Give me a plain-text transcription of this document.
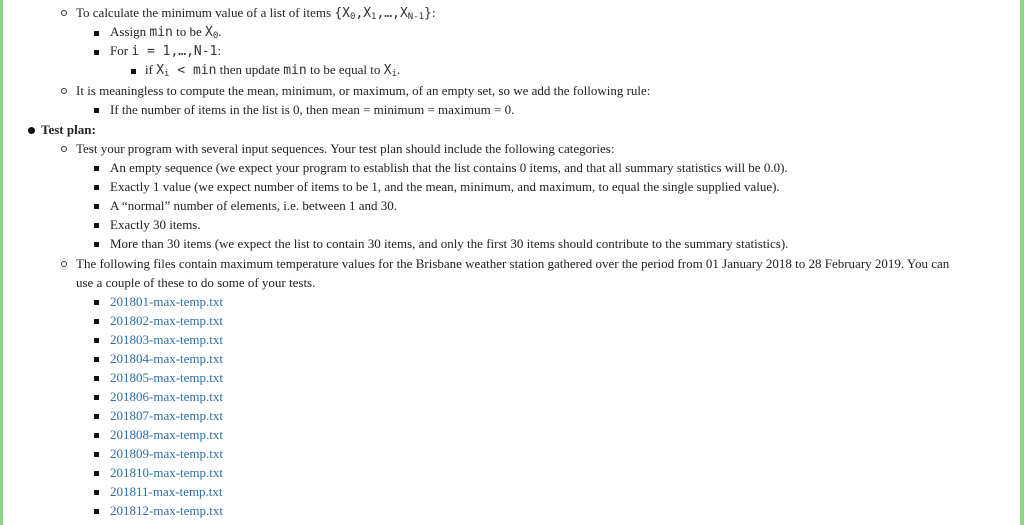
To calculate the minimum value of a list of items $\{X_0,X_1,\dots,X_{N-1}\}$:
Assign min to be $X_0$.
For i = 1,…,N-1:
if $X_i < \min$ then update min to be equal to $X_i$.
It is meaningless to compute the mean, minimum, or maximum, of an empty set, so we add the following rule:
If the number of items in the list is 0, then mean = minimum = maximum = 0.
Test plan:
Test your program with several input sequences. Your test plan should include the following categories:
An empty sequence (we expect your program to establish that the list contains 0 items, and that all summary statistics will be 0.0).
Exactly 1 value (we expect number of items to be 1, and the mean, minimum, and maximum, to equal the single supplied value).
A “normal” number of elements, i.e. between 1 and 30.
Exactly 30 items.
More than 30 items (we expect the list to contain 30 items, and only the first 30 items should contribute to the summary statistics).
The following files contain maximum temperature values for the Brisbane weather station gathered over the period from 01 January 2018 to 28 February 2019. You can
use a couple of these to do some of your tests.
201801-max-temp.txt
201802-max-temp.txt
201803-max-temp.txt
201804-max-temp.txt
201805-max-temp.txt
201806-max-temp.txt
201807-max-temp.txt
201808-max-temp.txt
201809-max-temp.txt
201810-max-temp.txt
201811-max-temp.txt
201812-max-temp.txt
